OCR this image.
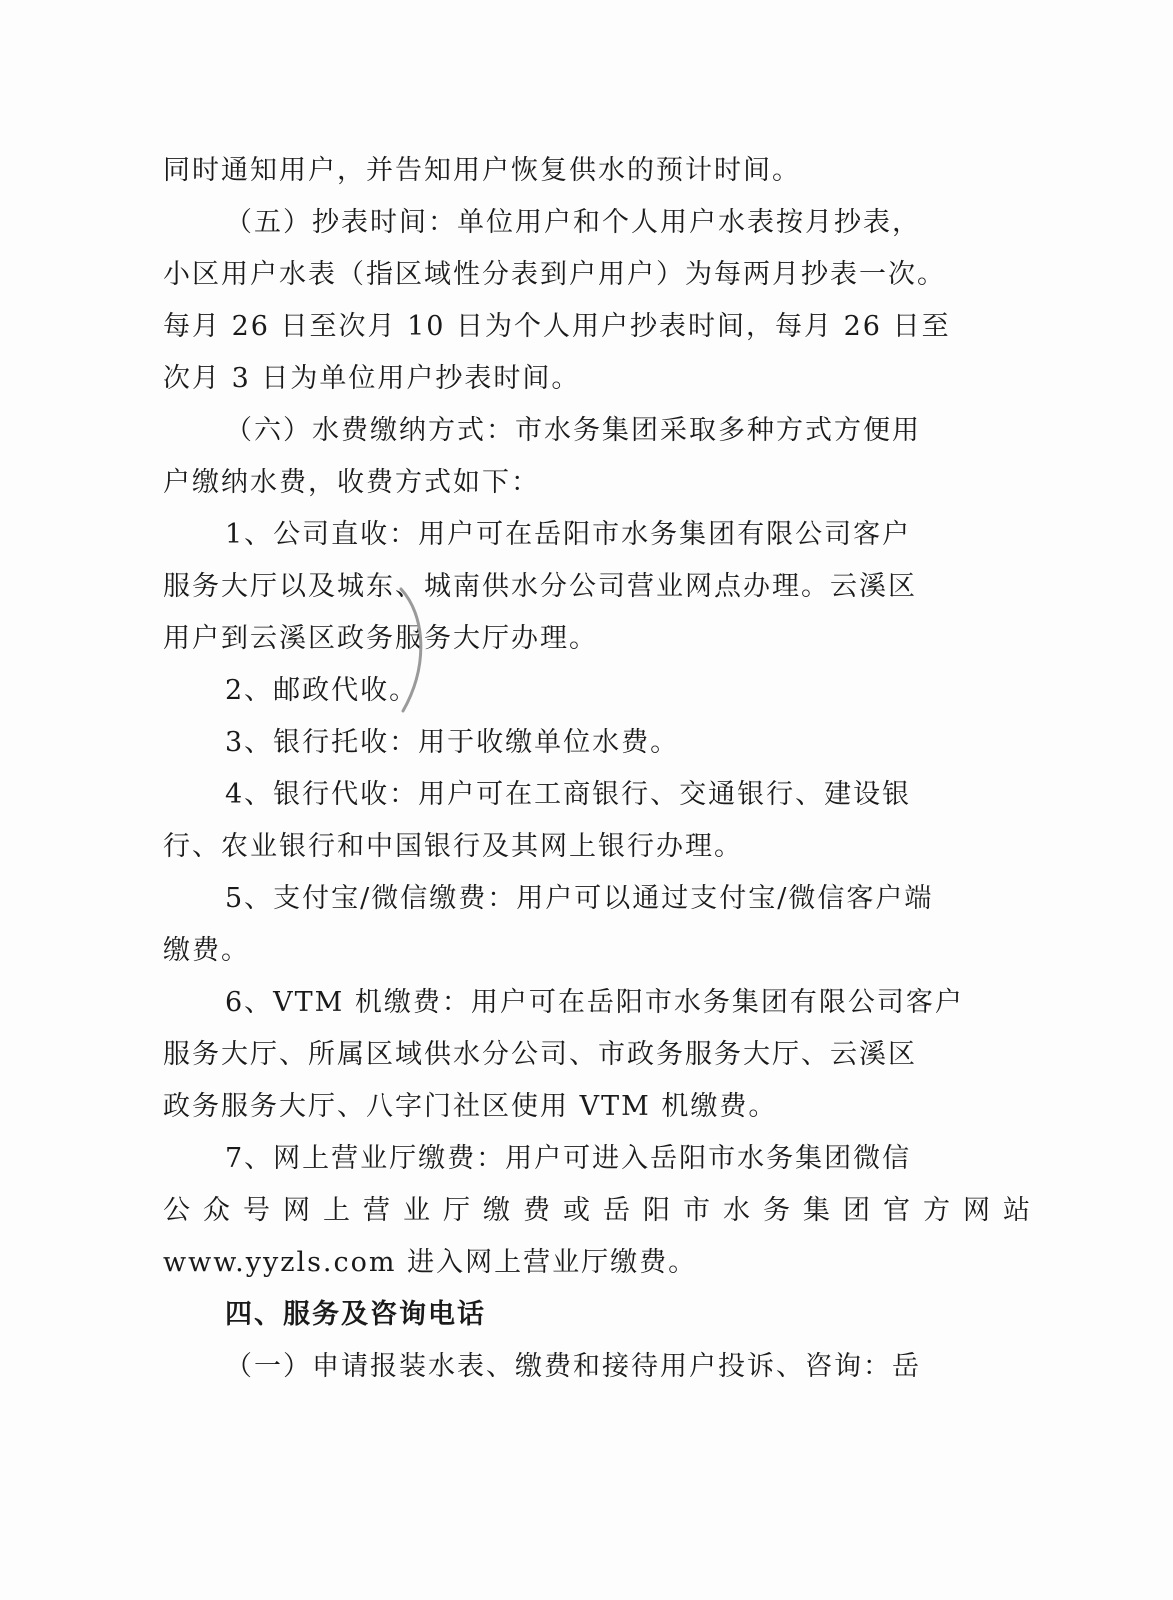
同时通知用户，并告知用户恢复供水的预计时间。
（五）抄表时间：单位用户和个人用户水表按月抄表，
小区用户水表（指区域性分表到户用户）为每两月抄表一次。
每月 26 日至次月 10 日为个人用户抄表时间，每月 26 日至
次月 3 日为单位用户抄表时间。
（六）水费缴纳方式：市水务集团采取多种方式方便用
户缴纳水费，收费方式如下：
1、公司直收：用户可在岳阳市水务集团有限公司客户
服务大厅以及城东、城南供水分公司营业网点办理。云溪区
用户到云溪区政务服务大厅办理。
2、邮政代收。
3、银行托收：用于收缴单位水费。
4、银行代收：用户可在工商银行、交通银行、建设银
行、农业银行和中国银行及其网上银行办理。
5、支付宝/微信缴费：用户可以通过支付宝/微信客户端
缴费。
6、VTM 机缴费：用户可在岳阳市水务集团有限公司客户
服务大厅、所属区域供水分公司、市政务服务大厅、云溪区
政务服务大厅、八字门社区使用 VTM 机缴费。
7、网上营业厅缴费：用户可进入岳阳市水务集团微信
公众号网上营业厅缴费或岳阳市水务集团官方网站
www.yyzls.com 进入网上营业厅缴费。
四、服务及咨询电话
（一）申请报装水表、缴费和接待用户投诉、咨询：岳
